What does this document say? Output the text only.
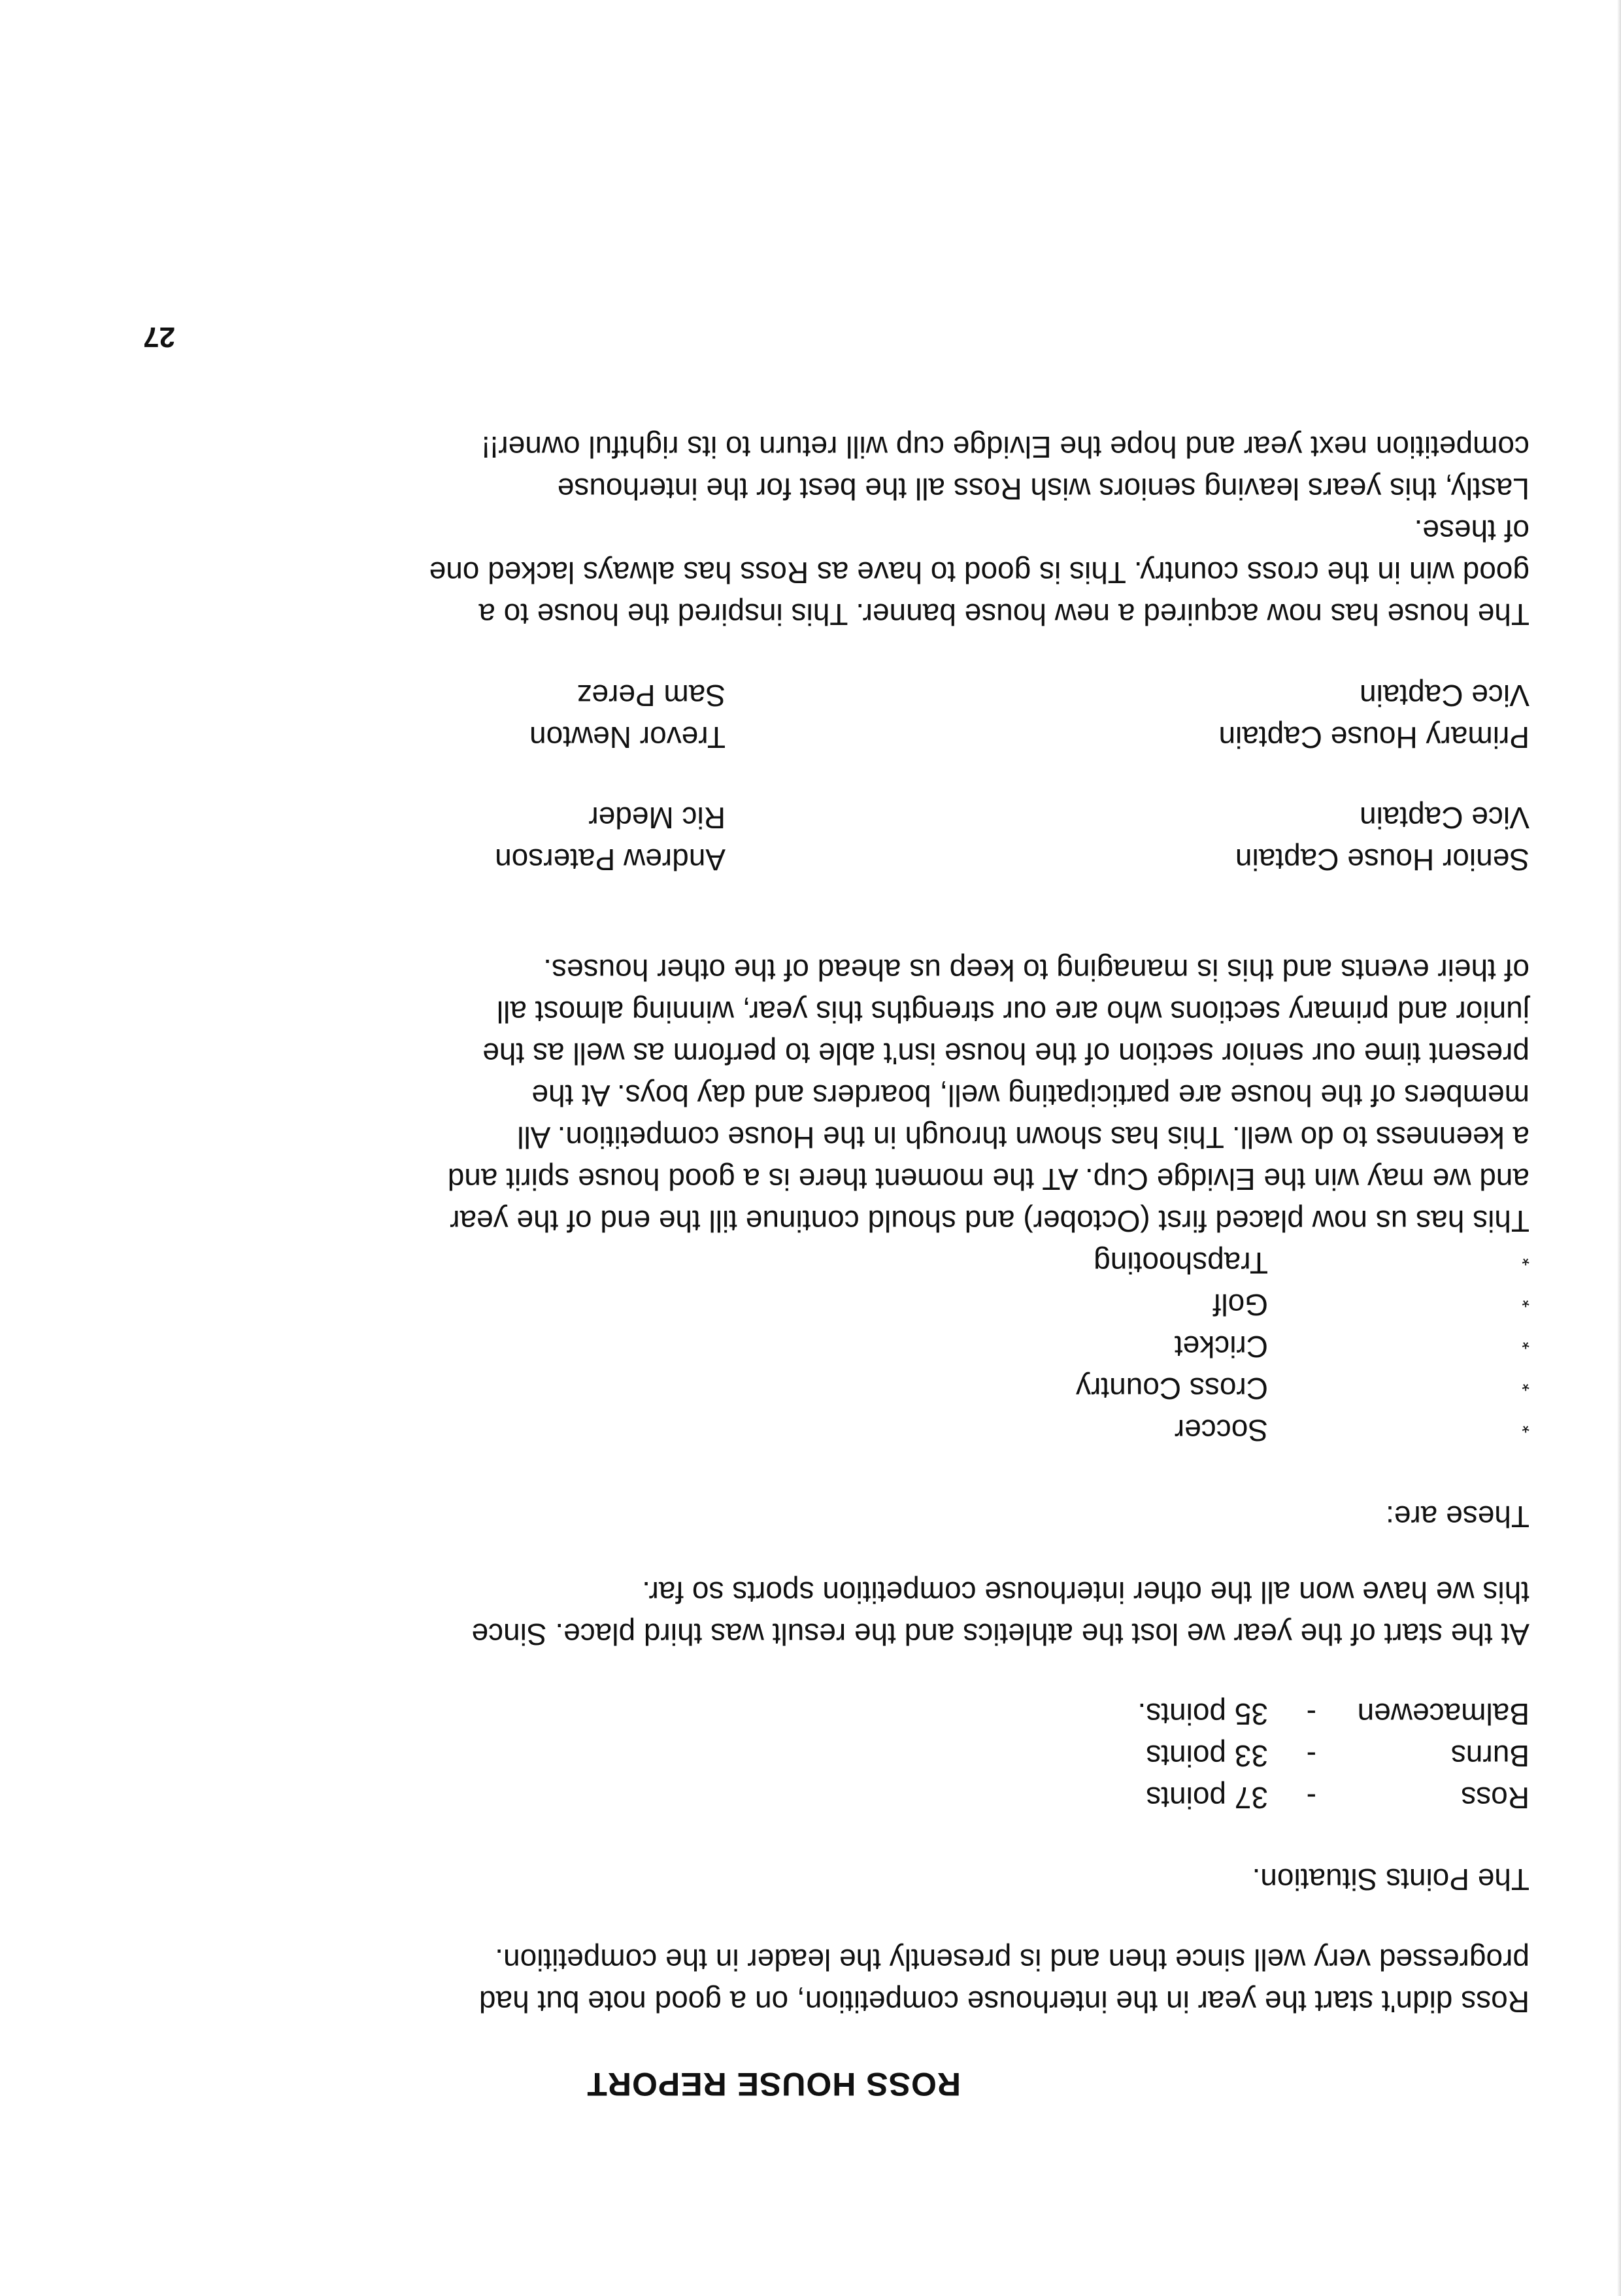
ROSS HOUSE REPORT
Ross didn't start the year in the interhouse competition, on a good note but had
progressed very well since then and is presently the leader in the competition.
The Points Situation.
Ross
-
37 points
Burns
-
33 points
Balmacewen
-
35 points.
At the start of the year we lost the athletics and the result was third place. Since
this we have won all the other interhouse competition sports so far.
These are:
*
Soccer
*
Cross Country
*
Cricket
*
Golf
*
Trapshooting
This has us now placed first (October) and should continue till the end of the year
and we may win the Elvidge Cup. AT the moment there is a good house spirit and
a keenness to do well. This has shown through in the House competition. All
members of the house are participating well, boarders and day boys. At the
present time our senior section of the house isn't able to perform as well as the
junior and primary sections who are our strengths this year, winning almost all
of their events and this is managing to keep us ahead of the other houses.
Senior House Captain
Andrew Paterson
Vice Captain
Ric Meder
Primary House Captain
Trevor Newton
Vice Captain
Sam Perez
The house has now acquired a new house banner. This inspired the house to a
good win in the cross country. This is good to have as Ross has always lacked one
of these.
Lastly, this years leaving seniors wish Ross all the best for the interhouse
competition next year and hope the Elvidge cup will return to its rightful owner!!
27
